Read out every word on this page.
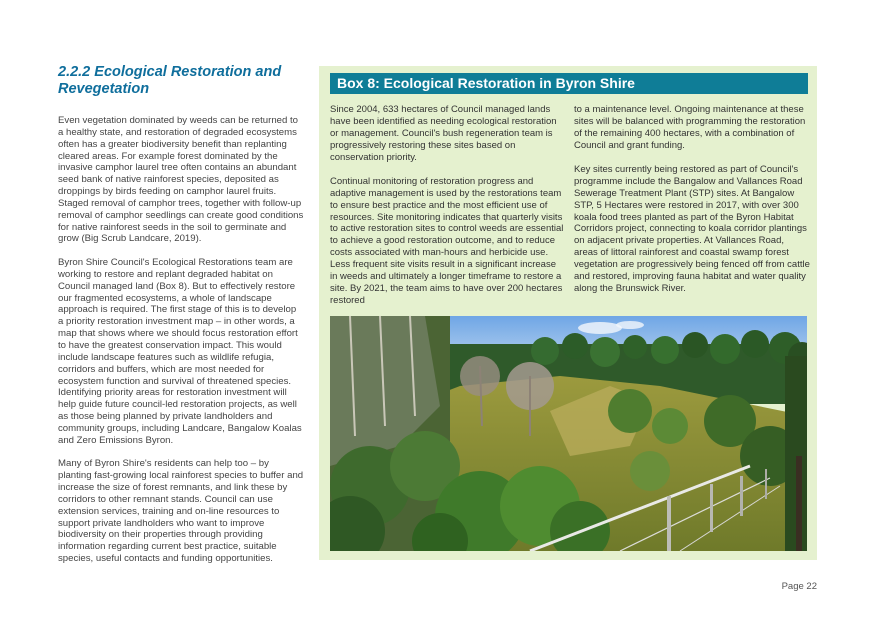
2.2.2 Ecological Restoration and Revegetation

Even vegetation dominated by weeds can be returned to a healthy state, and restoration of degraded ecosystems often has a greater biodiversity benefit than replanting cleared areas. For example forest dominated by the invasive camphor laurel tree often contains an abundant seed bank of native rainforest species, deposited as droppings by birds feeding on camphor laurel fruits. Staged removal of camphor trees, together with follow-up removal of camphor seedlings can create good conditions for native rainforest seeds in the soil to germinate and grow (Big Scrub Landcare, 2019).

Byron Shire Council's Ecological Restorations team are working to restore and replant degraded habitat on Council managed land (Box 8). But to effectively restore our fragmented ecosystems, a whole of landscape approach is required. The first stage of this is to develop a priority restoration investment map – in other words, a map that shows where we should focus restoration effort to have the greatest conservation impact. This would include landscape features such as wildlife refugia, corridors and buffers, which are most needed for ecosystem function and survival of threatened species. Identifying priority areas for restoration investment will help guide future council-led restoration projects, as well as those being planned by private landholders and community groups, including Landcare, Bangalow Koalas and Zero Emissions Byron.

Many of Byron Shire's residents can help too – by planting fast-growing local rainforest species to buffer and increase the size of forest remnants, and link these by corridors to other remnant stands. Council can use extension services, training and on-line resources to support private landholders who want to improve biodiversity on their properties through providing information regarding current best practice, suitable species, useful contacts and funding opportunities.

Box 8: Ecological Restoration in Byron Shire

Since 2004, 633 hectares of Council managed lands have been identified as needing ecological restoration or management. Council's bush regeneration team is progressively restoring these sites based on conservation priority.

Continual monitoring of restoration progress and adaptive management is used by the restorations team to ensure best practice and the most efficient use of resources. Site monitoring indicates that quarterly visits to active restoration sites to control weeds are essential to achieve a good restoration outcome, and to reduce costs associated with man-hours and herbicide use. Less frequent site visits result in a significant increase in weeds and ultimately a longer timeframe to restore a site. By 2021, the team aims to have over 200 hectares restored

to a maintenance level. Ongoing maintenance at these sites will be balanced with programming the restoration of the remaining 400 hectares, with a combination of Council and grant funding.

Key sites currently being restored as part of Council's programme include the Bangalow and Vallances Road Sewerage Treatment Plant (STP) sites. At Bangalow STP, 5 Hectares were restored in 2017, with over 300 koala food trees planted as part of the Byron Habitat Corridors project, connecting to koala corridor plantings on adjacent private properties. At Vallances Road, areas of littoral rainforest and coastal swamp forest vegetation are progressively being fenced off from cattle and restored, improving fauna habitat and water quality along the Brunswick River.

Page 22
